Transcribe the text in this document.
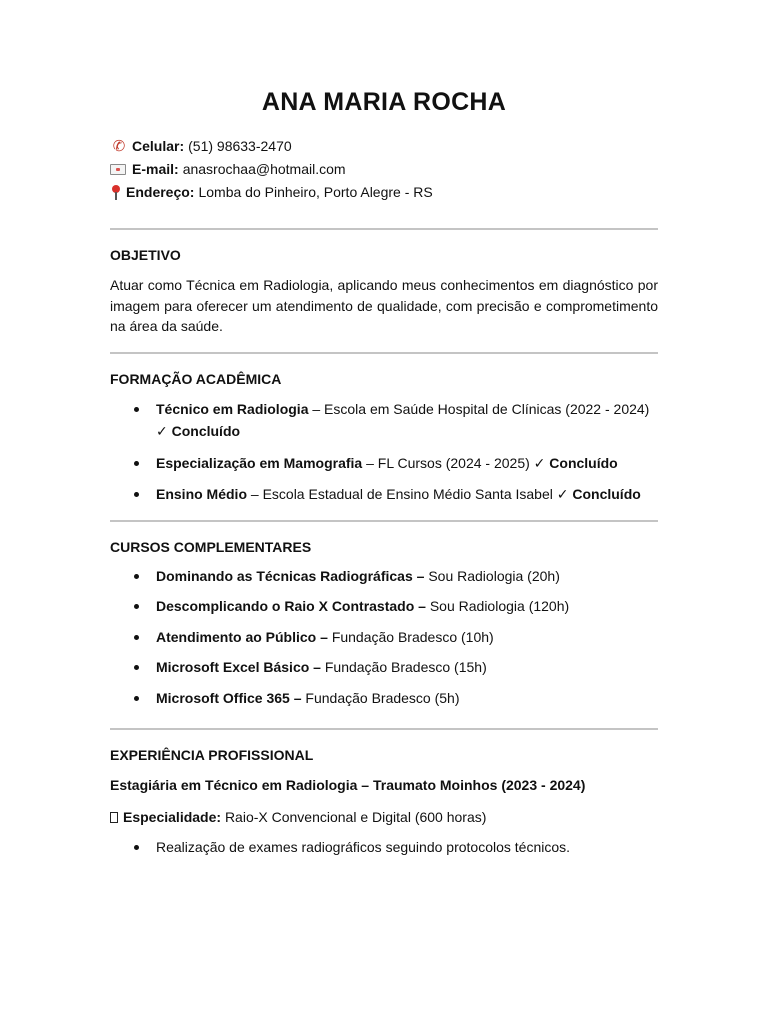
ANA MARIA ROCHA
✆ Celular: (51) 98633-2470
E-mail: anasrochaa@hotmail.com
Endereço: Lomba do Pinheiro, Porto Alegre - RS
OBJETIVO
Atuar como Técnica em Radiologia, aplicando meus conhecimentos em diagnóstico por imagem para oferecer um atendimento de qualidade, com precisão e comprometimento na área da saúde.
FORMAÇÃO ACADÊMICA
Técnico em Radiologia – Escola em Saúde Hospital de Clínicas (2022 - 2024) ✓ Concluído
Especialização em Mamografia – FL Cursos (2024 - 2025) ✓ Concluído
Ensino Médio – Escola Estadual de Ensino Médio Santa Isabel ✓ Concluído
CURSOS COMPLEMENTARES
Dominando as Técnicas Radiográficas – Sou Radiologia (20h)
Descomplicando o Raio X Contrastado – Sou Radiologia (120h)
Atendimento ao Público – Fundação Bradesco (10h)
Microsoft Excel Básico – Fundação Bradesco (15h)
Microsoft Office 365 – Fundação Bradesco (5h)
EXPERIÊNCIA PROFISSIONAL
Estagiária em Técnico em Radiologia – Traumato Moinhos (2023 - 2024)
Especialidade: Raio-X Convencional e Digital (600 horas)
Realização de exames radiográficos seguindo protocolos técnicos.
